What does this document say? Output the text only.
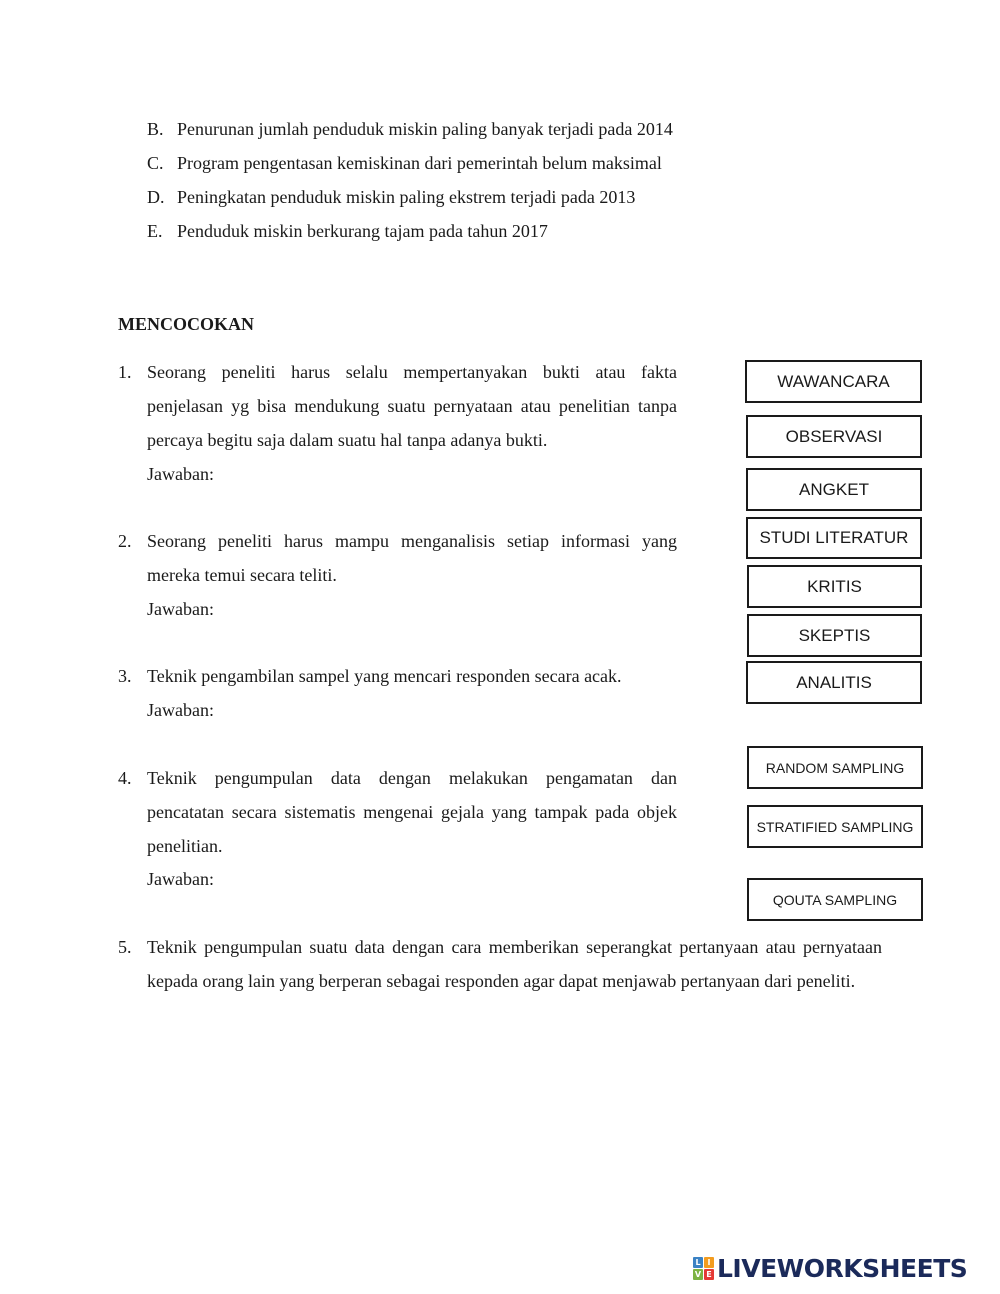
B. Penurunan jumlah penduduk miskin paling banyak terjadi pada 2014
C. Program pengentasan kemiskinan dari pemerintah belum maksimal
D. Peningkatan penduduk miskin paling ekstrem terjadi pada 2013
E. Penduduk miskin berkurang tajam pada tahun 2017
MENCOCOKAN
1. Seorang peneliti harus selalu mempertanyakan bukti atau fakta penjelasan yg bisa mendukung suatu pernyataan atau penelitian tanpa percaya begitu saja dalam suatu hal tanpa adanya bukti.
Jawaban:
2. Seorang peneliti harus mampu menganalisis setiap informasi yang mereka temui secara teliti.
Jawaban:
3. Teknik pengambilan sampel yang mencari responden secara acak.
Jawaban:
4. Teknik pengumpulan data dengan melakukan pengamatan dan pencatatan secara sistematis mengenai gejala yang tampak pada objek penelitian.
Jawaban:
5. Teknik pengumpulan suatu data dengan cara memberikan seperangkat pertanyaan atau pernyataan kepada orang lain yang berperan sebagai responden agar dapat menjawab pertanyaan dari peneliti.
WAWANCARA
OBSERVASI
ANGKET
STUDI LITERATUR
KRITIS
SKEPTIS
ANALITIS
RANDOM SAMPLING
STRATIFIED SAMPLING
QOUTA SAMPLING
L I
V E LIVEWORKSHEETS
